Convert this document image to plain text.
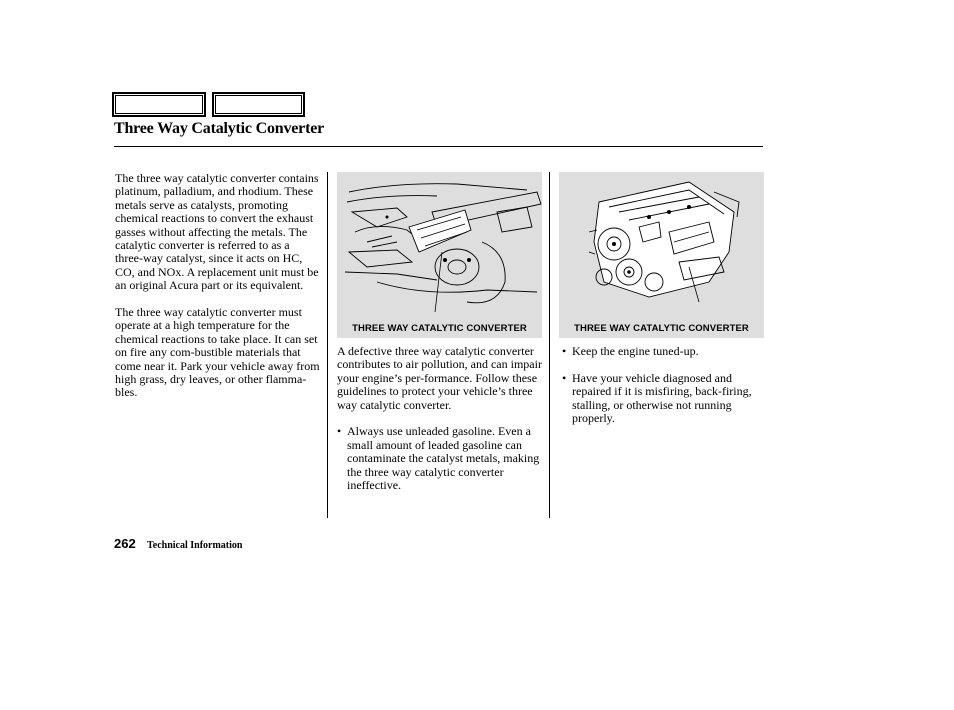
Three Way Catalytic Converter

The three way catalytic converter contains platinum, palladium, and rhodium. These metals serve as catalysts, promoting chemical reactions to convert the exhaust gasses without affecting the metals. The catalytic converter is referred to as a three-way catalyst, since it acts on HC, CO, and NOx. A replacement unit must be an original Acura part or its equivalent.

The three way catalytic converter must operate at a high temperature for the chemical reactions to take place. It can set on fire any com-bustible materials that come near it. Park your vehicle away from high grass, dry leaves, or other flamma-bles.

THREE WAY CATALYTIC CONVERTER	THREE WAY CATALYTIC CONVERTER

A defective three way catalytic converter contributes to air pollution, and can impair your engine’s per-formance. Follow these guidelines to protect your vehicle’s three way catalytic converter.

• Always use unleaded gasoline. Even a small amount of leaded gasoline can contaminate the catalyst metals, making the three way catalytic converter ineffective.
• Keep the engine tuned-up.
• Have your vehicle diagnosed and repaired if it is misfiring, back-firing, stalling, or otherwise not running properly.
262 Technical Information
